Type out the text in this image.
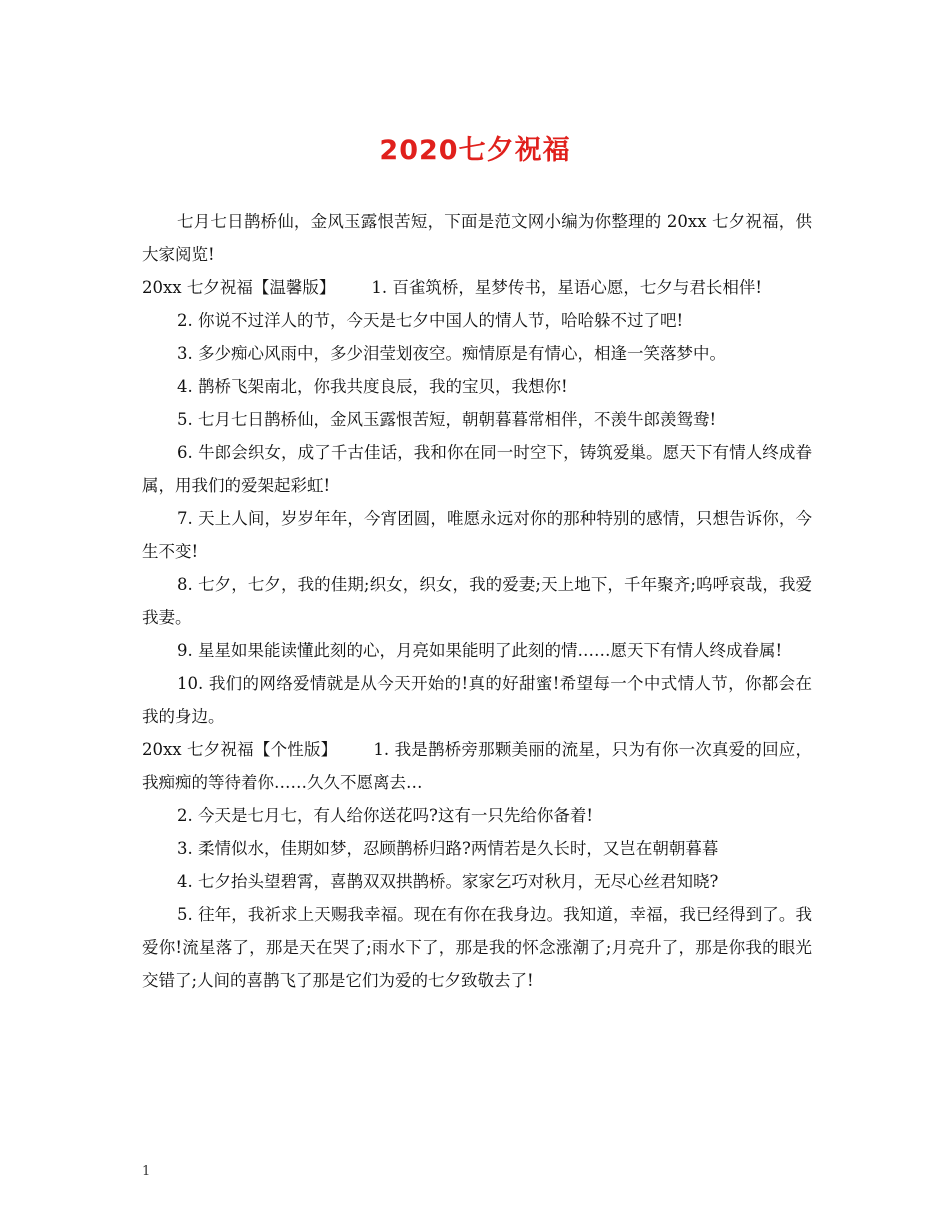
2020七夕祝福

七月七日鹊桥仙，金风玉露恨苦短，下面是范文网小编为你整理的 20xx 七夕祝福，供大家阅览!

20xx 七夕祝福【温馨版】 1. 百雀筑桥，星梦传书，星语心愿，七夕与君长相伴!

2. 你说不过洋人的节，今天是七夕中国人的情人节，哈哈躲不过了吧!

3. 多少痴心风雨中，多少泪莹划夜空。痴情原是有情心，相逢一笑落梦中。

4. 鹊桥飞架南北，你我共度良辰，我的宝贝，我想你!

5. 七月七日鹊桥仙，金风玉露恨苦短，朝朝暮暮常相伴，不羡牛郎羡鸳鸯!

6. 牛郎会织女，成了千古佳话，我和你在同一时空下，铸筑爱巢。愿天下有情人终成眷属，用我们的爱架起彩虹!

7. 天上人间，岁岁年年，今宵团圆，唯愿永远对你的那种特别的感情，只想告诉你，今生不变!

8. 七夕，七夕，我的佳期;织女，织女，我的爱妻;天上地下，千年聚齐;呜呼哀哉，我爱我妻。

9. 星星如果能读懂此刻的心，月亮如果能明了此刻的情……愿天下有情人终成眷属!

10. 我们的网络爱情就是从今天开始的!真的好甜蜜!希望每一个中式情人节，你都会在我的身边。

20xx 七夕祝福【个性版】 1. 我是鹊桥旁那颗美丽的流星，只为有你一次真爱的回应，我痴痴的等待着你……久久不愿离去…

2. 今天是七月七，有人给你送花吗?这有一只先给你备着!

3. 柔情似水，佳期如梦，忍顾鹊桥归路?两情若是久长时，又岂在朝朝暮暮

4. 七夕抬头望碧霄，喜鹊双双拱鹊桥。家家乞巧对秋月，无尽心丝君知晓?

5. 往年，我祈求上天赐我幸福。现在有你在我身边。我知道，幸福，我已经得到了。我爱你!流星落了，那是天在哭了;雨水下了，那是我的怀念涨潮了;月亮升了，那是你我的眼光交错了;人间的喜鹊飞了那是它们为爱的七夕致敬去了!

1
